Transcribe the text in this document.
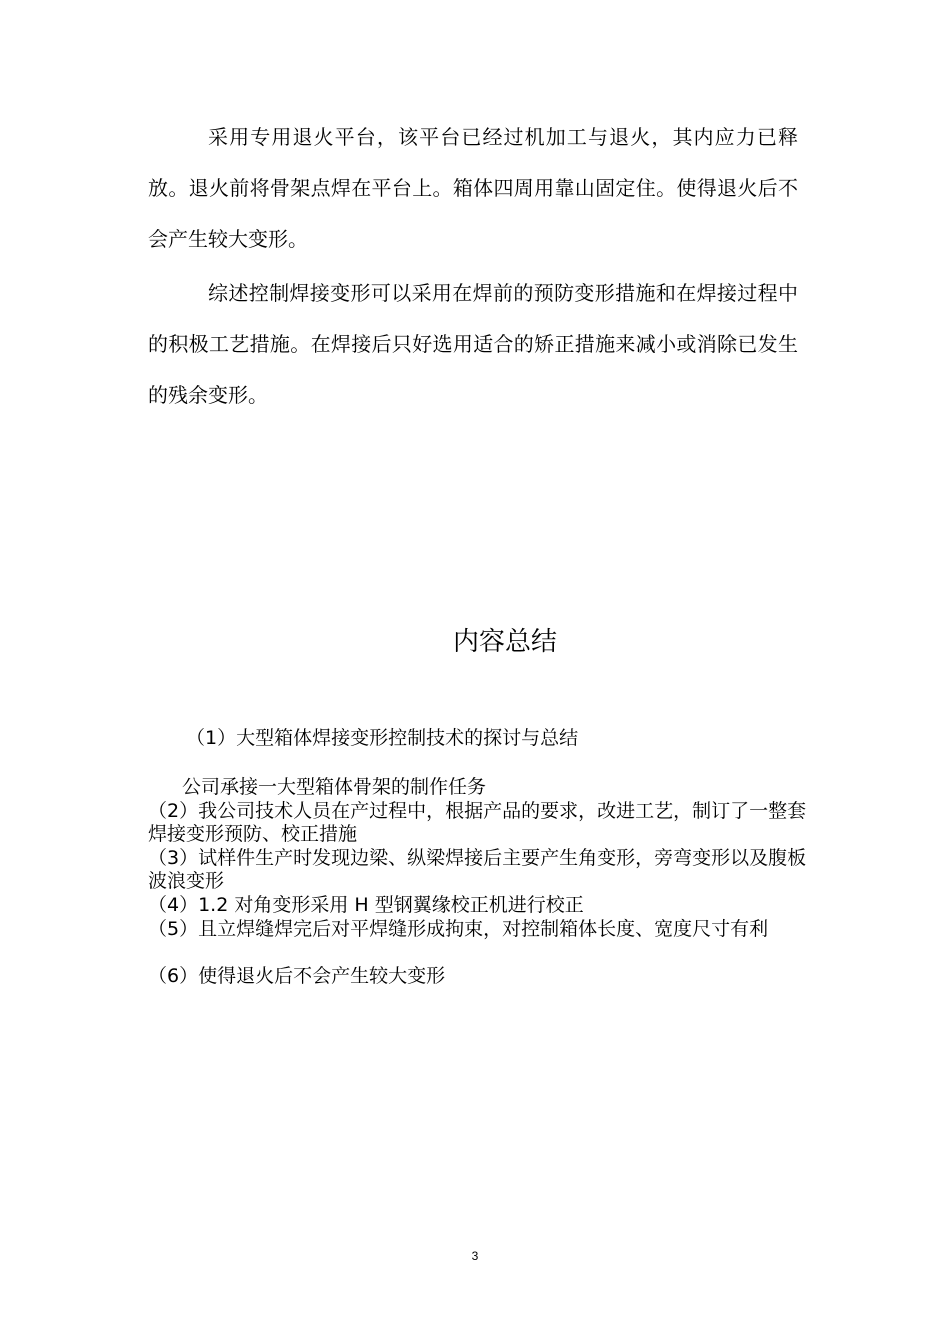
采用专用退火平台，该平台已经过机加工与退火，其内应力已释放。退火前将骨架点焊在平台上。箱体四周用靠山固定住。使得退火后不会产生较大变形。

综述控制焊接变形可以采用在焊前的预防变形措施和在焊接过程中的积极工艺措施。在焊接后只好选用适合的矫正措施来减小或消除已发生的残余变形。

内容总结

（1）大型箱体焊接变形控制技术的探讨与总结

公司承接一大型箱体骨架的制作任务

（2）我公司技术人员在产过程中，根据产品的要求，改进工艺，制订了一整套焊接变形预防、校正措施

（3）试样件生产时发现边梁、纵梁焊接后主要产生角变形，旁弯变形以及腹板波浪变形

（4）1.2 对角变形采用 H 型钢翼缘校正机进行校正

（5）且立焊缝焊完后对平焊缝形成拘束，对控制箱体长度、宽度尺寸有利

（6）使得退火后不会产生较大变形

3
